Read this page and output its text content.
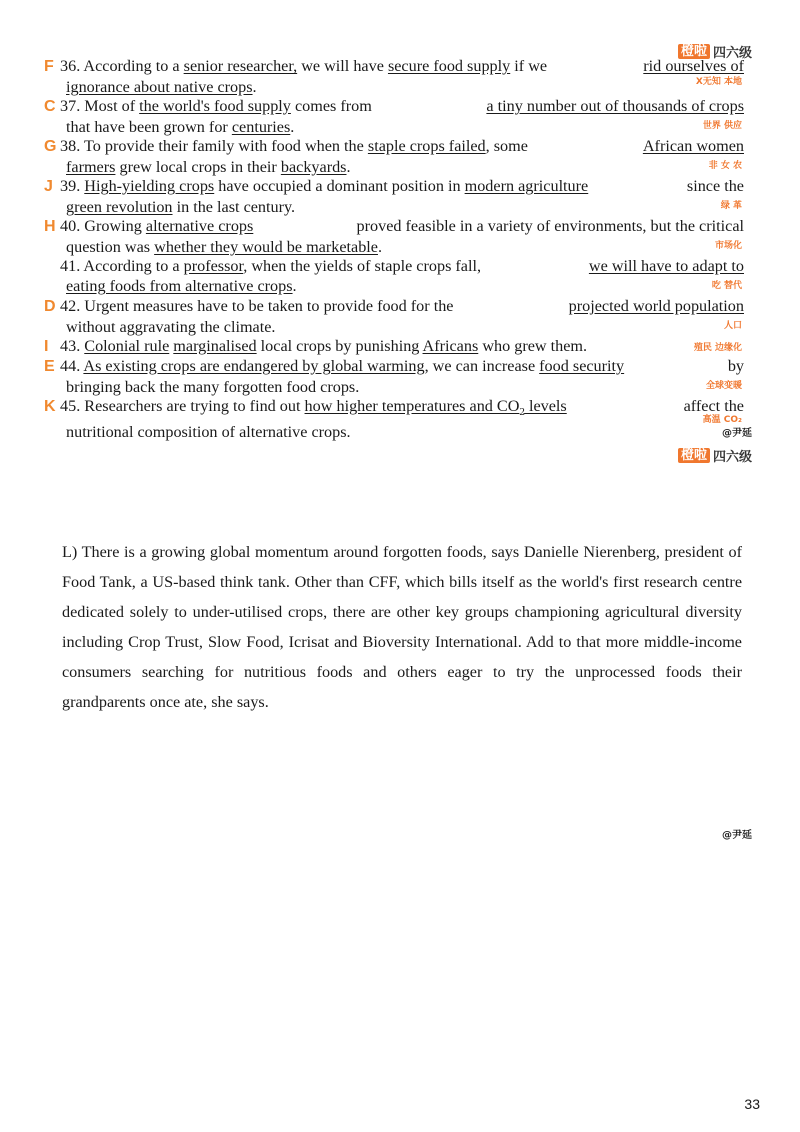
橙啦 四六级
F 36. According to a senior researcher, we will have secure food supply if we	rid ourselves of
ignorance about native crops.	X无知 本地
C 37. Most of the world's food supply comes from	a tiny number out of thousands of crops
that have been grown for centuries.	世界 供应
G 38. To provide their family with food when the staple crops failed, some	African women
farmers grew local crops in their backyards.	非 女 农
J 39. High-yielding crops have occupied a dominant position in modern agriculture	since the
green revolution in the last century.	绿 革
H 40. Growing alternative crops	proved feasible in a variety of environments, but the critical
question was whether they would be marketable.	市场化
41. According to a professor, when the yields of staple crops fall,	we will have to adapt to
eating foods from alternative crops.	吃 替代
D 42. Urgent measures have to be taken to provide food for the	projected world population
without aggravating the climate.	人口
I 43. Colonial rule marginalised local crops by punishing Africans who grew them.	殖民 边缘化
E 44. As existing crops are endangered by global warming, we can increase food security	by
bringing back the many forgotten food crops.	全球变暖
K 45. Researchers are trying to find out how higher temperatures and $CO_2$ levels	affect the
nutritional composition of alternative crops.
高温 CO₂
@尹延
橙啦 四六级
L) There is a growing global momentum around forgotten foods, says Danielle Nierenberg, president of Food Tank, a US-based think tank. Other than CFF, which bills itself as the world's first research centre dedicated solely to under-utilised crops, there are other key groups championing agricultural diversity including Crop Trust, Slow Food, Icrisat and Bioversity International. Add to that more middle-income consumers searching for nutritious foods and others eager to try the unprocessed foods their grandparents once ate, she says.
@尹延
33
